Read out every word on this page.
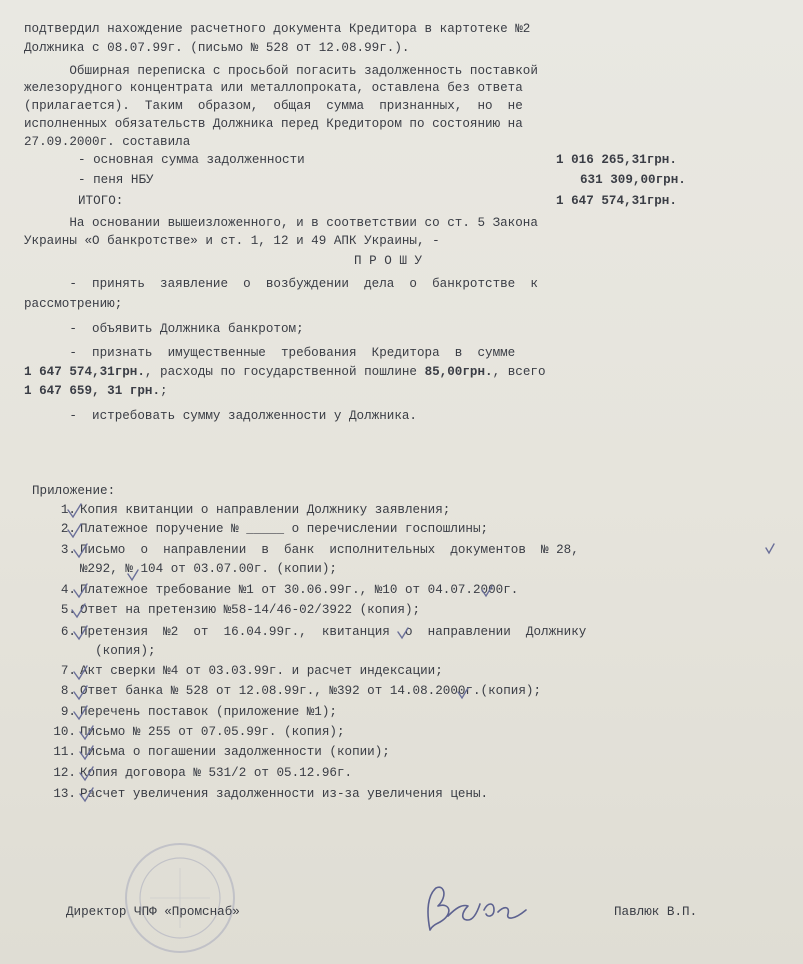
подтвердил нахождение расчетного документа Кредитора в картотеке №2
Должника с 08.07.99г. (письмо № 528 от 12.08.99г.).
Обширная переписка с просьбой погасить задолженность поставкой
железорудного концентрата или металлопроката, оставлена без ответа
(прилагается).  Таким  образом,  общая  сумма  признанных,  но  не
исполненных обязательств Должника перед Кредитором по состоянию на
27.09.2000г. составила
- основная сумма задолженности	1 016 265,31грн.
- пеня НБУ	631 309,00грн.
ИТОГО:	1 647 574,31грн.
На основании вышеизложенного, и в соответствии со ст. 5 Закона
Украины «О банкротстве» и ст. 1, 12 и 49 АПК Украины, -
П Р О Ш У
-  принять  заявление  о  возбуждении  дела  о  банкротстве  к
рассмотрению;
-  объявить Должника банкротом;
-  признать  имущественные  требования  Кредитора  в  сумме
1 647 574,31грн., расходы по государственной пошлине 85,00грн., всего
1 647 659, 31 грн.;
-  истребовать сумму задолженности у Должника.
Приложение:
1. Копия квитанции о направлении Должнику заявления;
2. Платежное поручение № _____ о перечислении госпошлины;
3. Письмо  о  направлении  в  банк  исполнительных  документов  № 28,
№292, № 104 от 03.07.00г. (копии);
4. Платежное требование №1 от 30.06.99г., №10 от 04.07.2000г.
5. Ответ на претензию №58-14/46-02/3922 (копия);
6. Претензия  №2  от  16.04.99г.,  квитанция  о  направлении  Должнику
(копия);
7. Акт сверки №4 от 03.03.99г. и расчет индексации;
8. Ответ банка № 528 от 12.08.99г., №392 от 14.08.2000г.(копия);
9. Перечень поставок (приложение №1);
10. Письмо № 255 от 07.05.99г. (копия);
11. Письма о погашении задолженности (копии);
12. Копия договора № 531/2 от 05.12.96г.
13. Расчет увеличения задолженности из-за увеличения цены.
Директор ЧПФ «Промснаб»	Павлюк В.П.
